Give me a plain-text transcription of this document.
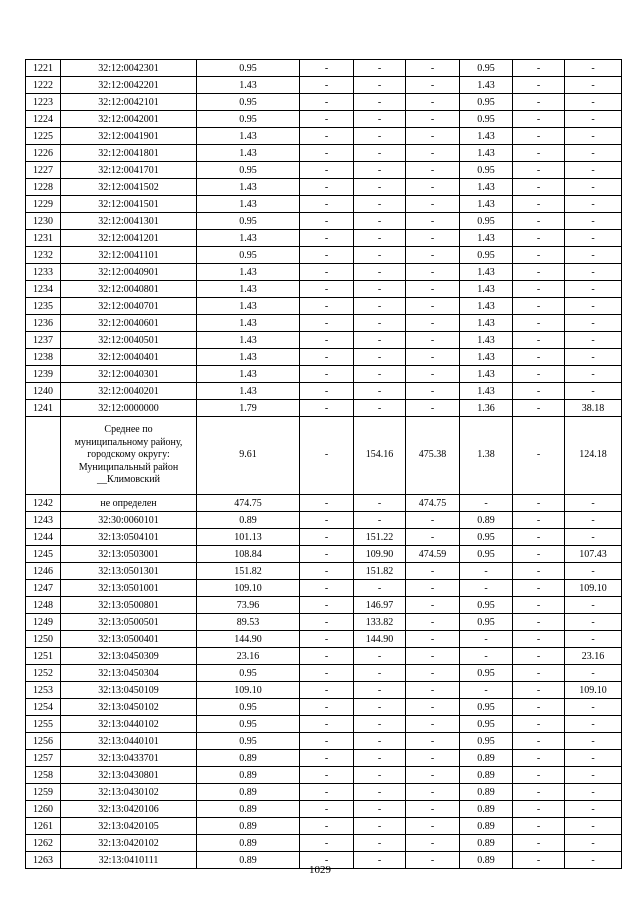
1221	32:12:0042301	0.95	-	-	-	0.95	-	-
1222	32:12:0042201	1.43	-	-	-	1.43	-	-
1223	32:12:0042101	0.95	-	-	-	0.95	-	-
1224	32:12:0042001	0.95	-	-	-	0.95	-	-
1225	32:12:0041901	1.43	-	-	-	1.43	-	-
1226	32:12:0041801	1.43	-	-	-	1.43	-	-
1227	32:12:0041701	0.95	-	-	-	0.95	-	-
1228	32:12:0041502	1.43	-	-	-	1.43	-	-
1229	32:12:0041501	1.43	-	-	-	1.43	-	-
1230	32:12:0041301	0.95	-	-	-	0.95	-	-
1231	32:12:0041201	1.43	-	-	-	1.43	-	-
1232	32:12:0041101	0.95	-	-	-	0.95	-	-
1233	32:12:0040901	1.43	-	-	-	1.43	-	-
1234	32:12:0040801	1.43	-	-	-	1.43	-	-
1235	32:12:0040701	1.43	-	-	-	1.43	-	-
1236	32:12:0040601	1.43	-	-	-	1.43	-	-
1237	32:12:0040501	1.43	-	-	-	1.43	-	-
1238	32:12:0040401	1.43	-	-	-	1.43	-	-
1239	32:12:0040301	1.43	-	-	-	1.43	-	-
1240	32:12:0040201	1.43	-	-	-	1.43	-	-
1241	32:12:0000000	1.79	-	-	-	1.36	-	38.18
	Среднее по муниципальному району, городскому округу: Муниципальный район __Климовский	9.61	-	154.16	475.38	1.38	-	124.18
1242	не определен	474.75	-	-	474.75	-	-	-
1243	32:30:0060101	0.89	-	-	-	0.89	-	-
1244	32:13:0504101	101.13	-	151.22	-	0.95	-	-
1245	32:13:0503001	108.84	-	109.90	474.59	0.95	-	107.43
1246	32:13:0501301	151.82	-	151.82	-	-	-	-
1247	32:13:0501001	109.10	-	-	-	-	-	109.10
1248	32:13:0500801	73.96	-	146.97	-	0.95	-	-
1249	32:13:0500501	89.53	-	133.82	-	0.95	-	-
1250	32:13:0500401	144.90	-	144.90	-	-	-	-
1251	32:13:0450309	23.16	-	-	-	-	-	23.16
1252	32:13:0450304	0.95	-	-	-	0.95	-	-
1253	32:13:0450109	109.10	-	-	-	-	-	109.10
1254	32:13:0450102	0.95	-	-	-	0.95	-	-
1255	32:13:0440102	0.95	-	-	-	0.95	-	-
1256	32:13:0440101	0.95	-	-	-	0.95	-	-
1257	32:13:0433701	0.89	-	-	-	0.89	-	-
1258	32:13:0430801	0.89	-	-	-	0.89	-	-
1259	32:13:0430102	0.89	-	-	-	0.89	-	-
1260	32:13:0420106	0.89	-	-	-	0.89	-	-
1261	32:13:0420105	0.89	-	-	-	0.89	-	-
1262	32:13:0420102	0.89	-	-	-	0.89	-	-
1263	32:13:0410111	0.89	-	-	-	0.89	-	-
1029
